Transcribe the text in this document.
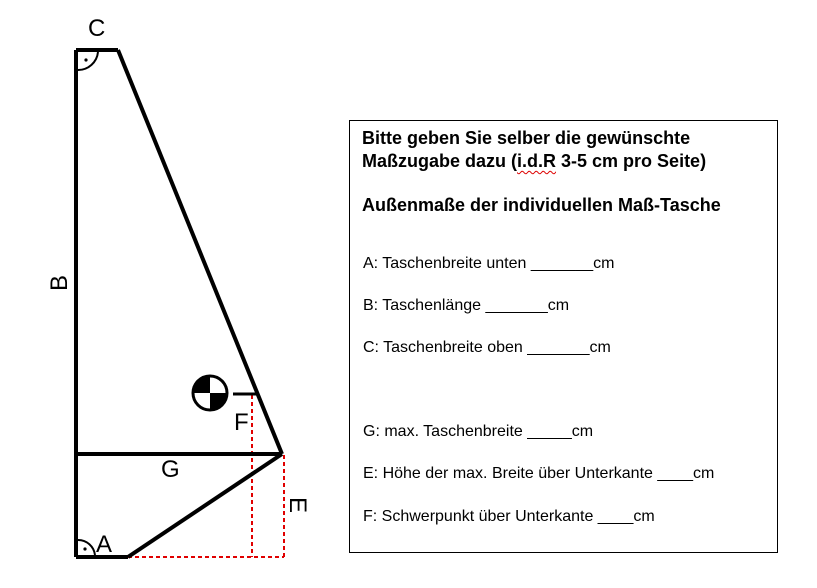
C
B
F
G
A
E

Bitte geben Sie selber die gewünschte

Maßzugabe dazu (i.d.R 3-5 cm pro Seite)

Außenmaße der individuellen Maß-Tasche

A: Taschenbreite unten _______cm

B: Taschenlänge _______cm

C: Taschenbreite oben _______cm

G: max. Taschenbreite _____cm

E: Höhe der max. Breite über Unterkante ____cm

F: Schwerpunkt über Unterkante ____cm
